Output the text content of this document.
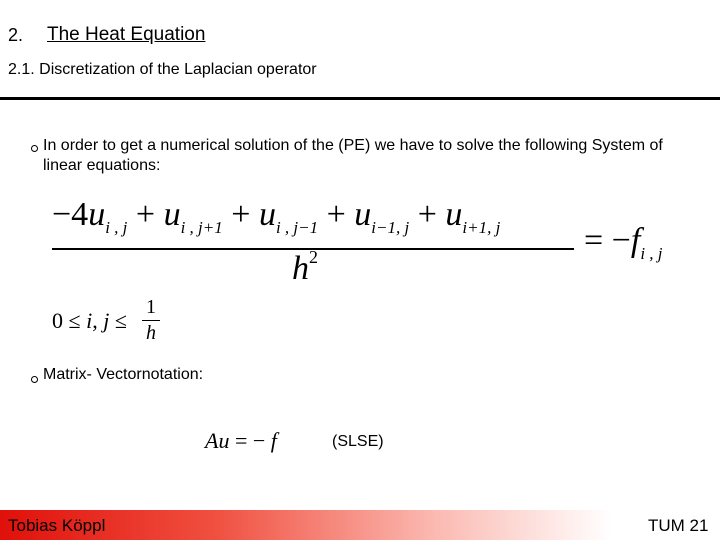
2. The Heat Equation
2.1. Discretization of the Laplacian operator
In order to get a numerical solution of the (PE) we have to solve the following System of linear equations:
$-4u_{i , j} + u_{i , j+1} + u_{i , j-1} + u_{i-1, j} + u_{i+1, j}$
$h^2$	= $-f_{i , j}$
0 ≤ i, j ≤
1
h
Matrix- Vectornotation:
Au = − f	(SLSE)
Tobias Köppl	TUM 21
